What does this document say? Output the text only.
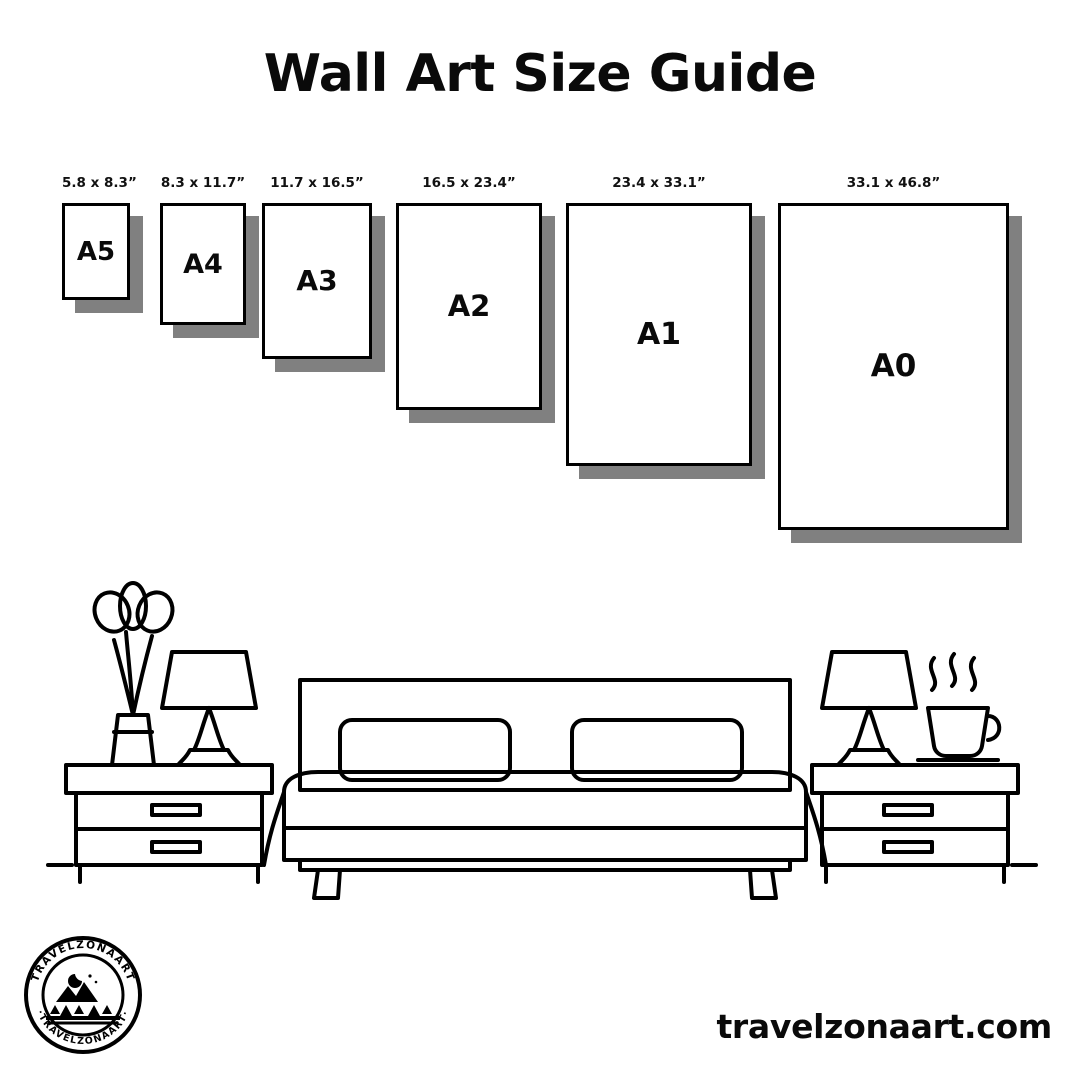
Wall Art Size Guide
5.8 x 8.3”
A5
8.3 x 11.7”
A4
11.7 x 16.5”
A3
16.5 x 23.4”
A2
23.4 x 33.1”
A1
33.1 x 46.8”
A0
TRAVELZONAART
·TRAVELZONAART·	travelzonaart.com
